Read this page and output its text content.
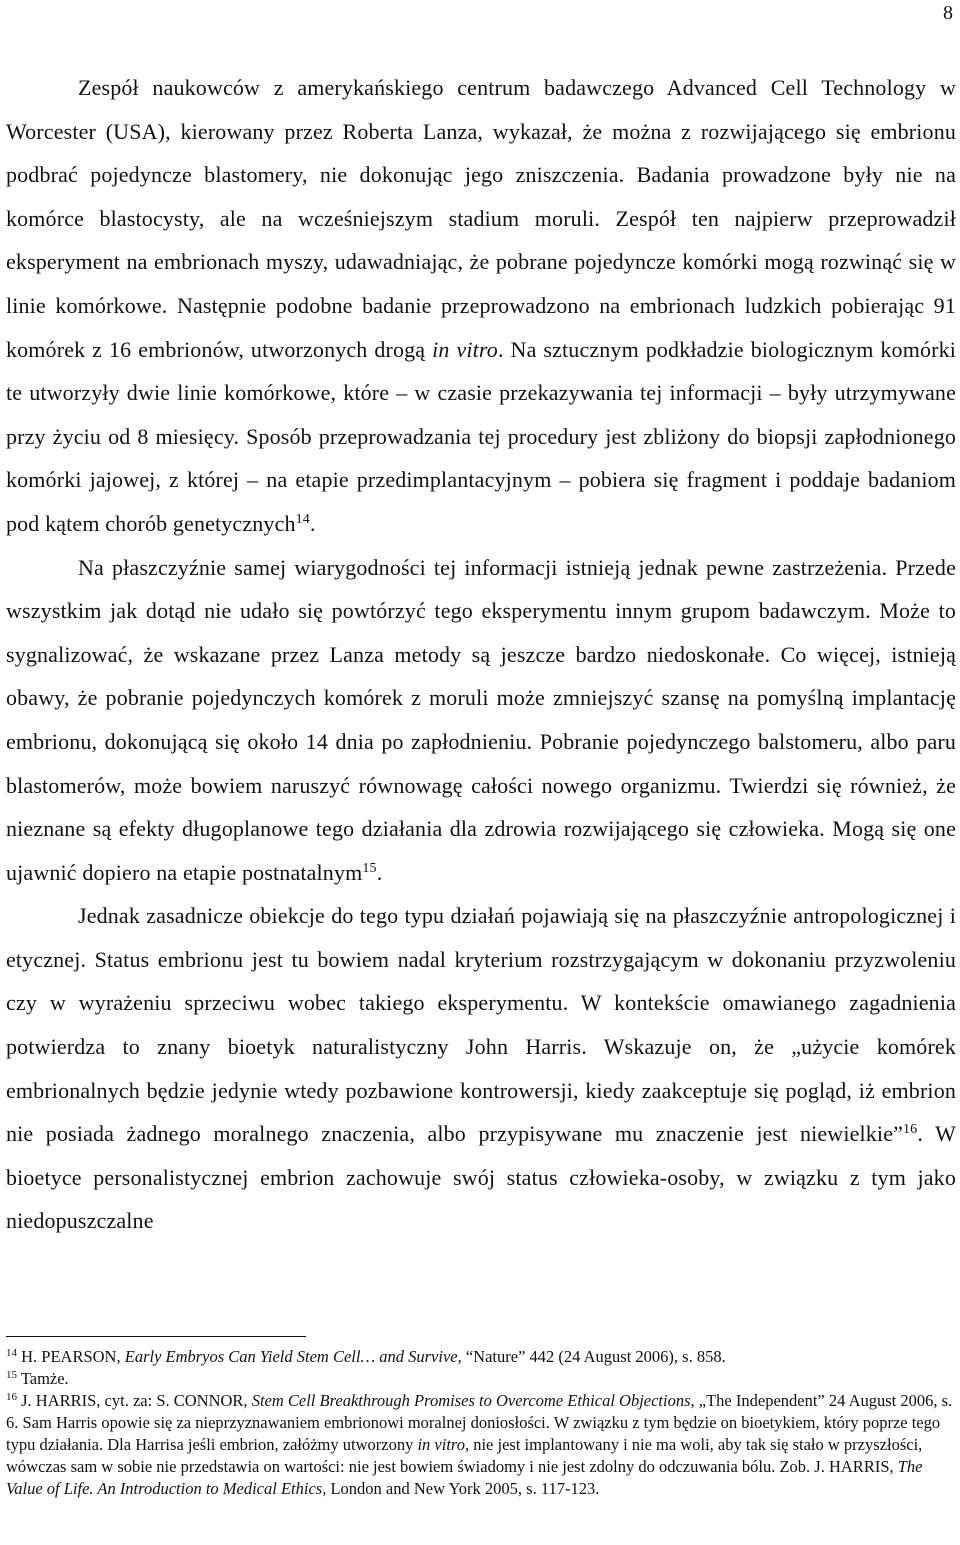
8

Zespół naukowców z amerykańskiego centrum badawczego Advanced Cell Technology w Worcester (USA), kierowany przez Roberta Lanza, wykazał, że można z rozwijającego się embrionu podbrać pojedyncze blastomery, nie dokonując jego zniszczenia. Badania prowadzone były nie na komórce blastocysty, ale na wcześniejszym stadium moruli. Zespół ten najpierw przeprowadził eksperyment na embrionach myszy, udawadniając, że pobrane pojedyncze komórki mogą rozwinąć się w linie komórkowe. Następnie podobne badanie przeprowadzono na embrionach ludzkich pobierając 91 komórek z 16 embrionów, utworzonych drogą in vitro. Na sztucznym podkładzie biologicznym komórki te utworzyły dwie linie komórkowe, które – w czasie przekazywania tej informacji – były utrzymywane przy życiu od 8 miesięcy. Sposób przeprowadzania tej procedury jest zbliżony do biopsji zapłodnionego komórki jajowej, z której – na etapie przedimplantacyjnym – pobiera się fragment i poddaje badaniom pod kątem chorób genetycznych$^{14}$.

Na płaszczyźnie samej wiarygodności tej informacji istnieją jednak pewne zastrzeżenia. Przede wszystkim jak dotąd nie udało się powtórzyć tego eksperymentu innym grupom badawczym. Może to sygnalizować, że wskazane przez Lanza metody są jeszcze bardzo niedoskonałe. Co więcej, istnieją obawy, że pobranie pojedynczych komórek z moruli może zmniejszyć szansę na pomyślną implantację embrionu, dokonującą się około 14 dnia po zapłodnieniu. Pobranie pojedynczego balstomeru, albo paru blastomerów, może bowiem naruszyć równowagę całości nowego organizmu. Twierdzi się również, że nieznane są efekty długoplanowe tego działania dla zdrowia rozwijającego się człowieka. Mogą się one ujawnić dopiero na etapie postnatalnym$^{15}$.

Jednak zasadnicze obiekcje do tego typu działań pojawiają się na płaszczyźnie antropologicznej i etycznej. Status embrionu jest tu bowiem nadal kryterium rozstrzygającym w dokonaniu przyzwoleniu czy w wyrażeniu sprzeciwu wobec takiego eksperymentu. W kontekście omawianego zagadnienia potwierdza to znany bioetyk naturalistyczny John Harris. Wskazuje on, że „użycie komórek embrionalnych będzie jedynie wtedy pozbawione kontrowersji, kiedy zaakceptuje się pogląd, iż embrion nie posiada żadnego moralnego znaczenia, albo przypisywane mu znaczenie jest niewielkie”$^{16}$. W bioetyce personalistycznej embrion zachowuje swój status człowieka-osoby, w związku z tym jako niedopuszczalne

$^{14}$ H. PEARSON, Early Embryos Can Yield Stem Cell… and Survive, “Nature” 442 (24 August 2006), s. 858.

$^{15}$ Tamże.

$^{16}$ J. HARRIS, cyt. za: S. CONNOR, Stem Cell Breakthrough Promises to Overcome Ethical Objections, „The Independent” 24 August 2006, s. 6. Sam Harris opowie się za nieprzyznawaniem embrionowi moralnej doniosłości. W związku z tym będzie on bioetykiem, który poprze tego typu działania. Dla Harrisa jeśli embrion, załóżmy utworzony in vitro, nie jest implantowany i nie ma woli, aby tak się stało w przyszłości, wówczas sam w sobie nie przedstawia on wartości: nie jest bowiem świadomy i nie jest zdolny do odczuwania bólu. Zob. J. HARRIS, The Value of Life. An Introduction to Medical Ethics, London and New York 2005, s. 117-123.
